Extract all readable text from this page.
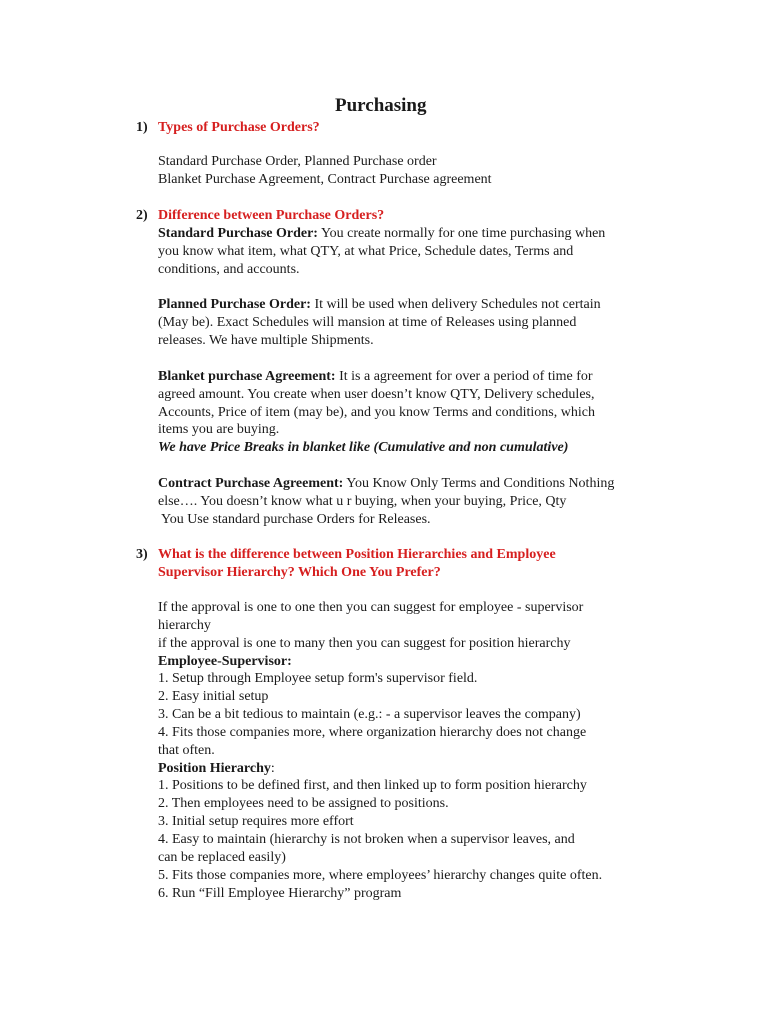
Purchasing
1) Types of Purchase Orders?
Standard Purchase Order, Planned Purchase order
Blanket Purchase Agreement, Contract Purchase agreement
2) Difference between Purchase Orders?
Standard Purchase Order: You create normally for one time purchasing when
you know what item, what QTY, at what Price, Schedule dates, Terms and
conditions, and accounts.
Planned Purchase Order: It will be used when delivery Schedules not certain
(May be). Exact Schedules will mansion at time of Releases using planned
releases. We have multiple Shipments.
Blanket purchase Agreement: It is a agreement for over a period of time for
agreed amount. You create when user doesn’t know QTY, Delivery schedules,
Accounts, Price of item (may be), and you know Terms and conditions, which
items you are buying.
We have Price Breaks in blanket like (Cumulative and non cumulative)
Contract Purchase Agreement: You Know Only Terms and Conditions Nothing
else…. You doesn’t know what u r buying, when your buying, Price, Qty
You Use standard purchase Orders for Releases.
3) What is the difference between Position Hierarchies and Employee
Supervisor Hierarchy? Which One You Prefer?
If the approval is one to one then you can suggest for employee - supervisor
hierarchy
if the approval is one to many then you can suggest for position hierarchy
Employee-Supervisor:
1. Setup through Employee setup form's supervisor field.
2. Easy initial setup
3. Can be a bit tedious to maintain (e.g.: - a supervisor leaves the company)
4. Fits those companies more, where organization hierarchy does not change
that often.
Position Hierarchy:
1. Positions to be defined first, and then linked up to form position hierarchy
2. Then employees need to be assigned to positions.
3. Initial setup requires more effort
4. Easy to maintain (hierarchy is not broken when a supervisor leaves, and
can be replaced easily)
5. Fits those companies more, where employees’ hierarchy changes quite often.
6. Run “Fill Employee Hierarchy” program
